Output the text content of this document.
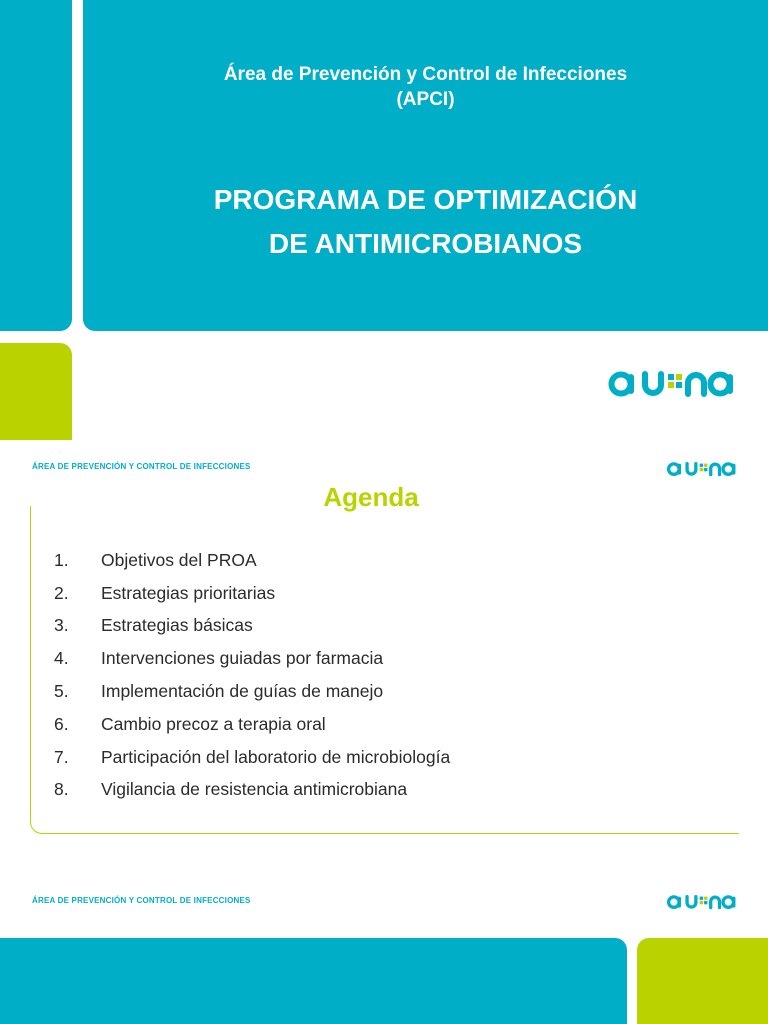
Área de Prevención y Control de Infecciones
(APCI)
PROGRAMA DE OPTIMIZACIÓN
DE ANTIMICROBIANOS
ÁREA DE PREVENCIÓN Y CONTROL DE INFECCIONES
Agenda
1.	Objetivos del PROA
2.	Estrategias prioritarias
3.	Estrategias básicas
4.	Intervenciones guiadas por farmacia
5.	Implementación de guías de manejo
6.	Cambio precoz a terapia oral
7.	Participación del laboratorio de microbiología
8.	Vigilancia de resistencia antimicrobiana
ÁREA DE PREVENCIÓN Y CONTROL DE INFECCIONES
